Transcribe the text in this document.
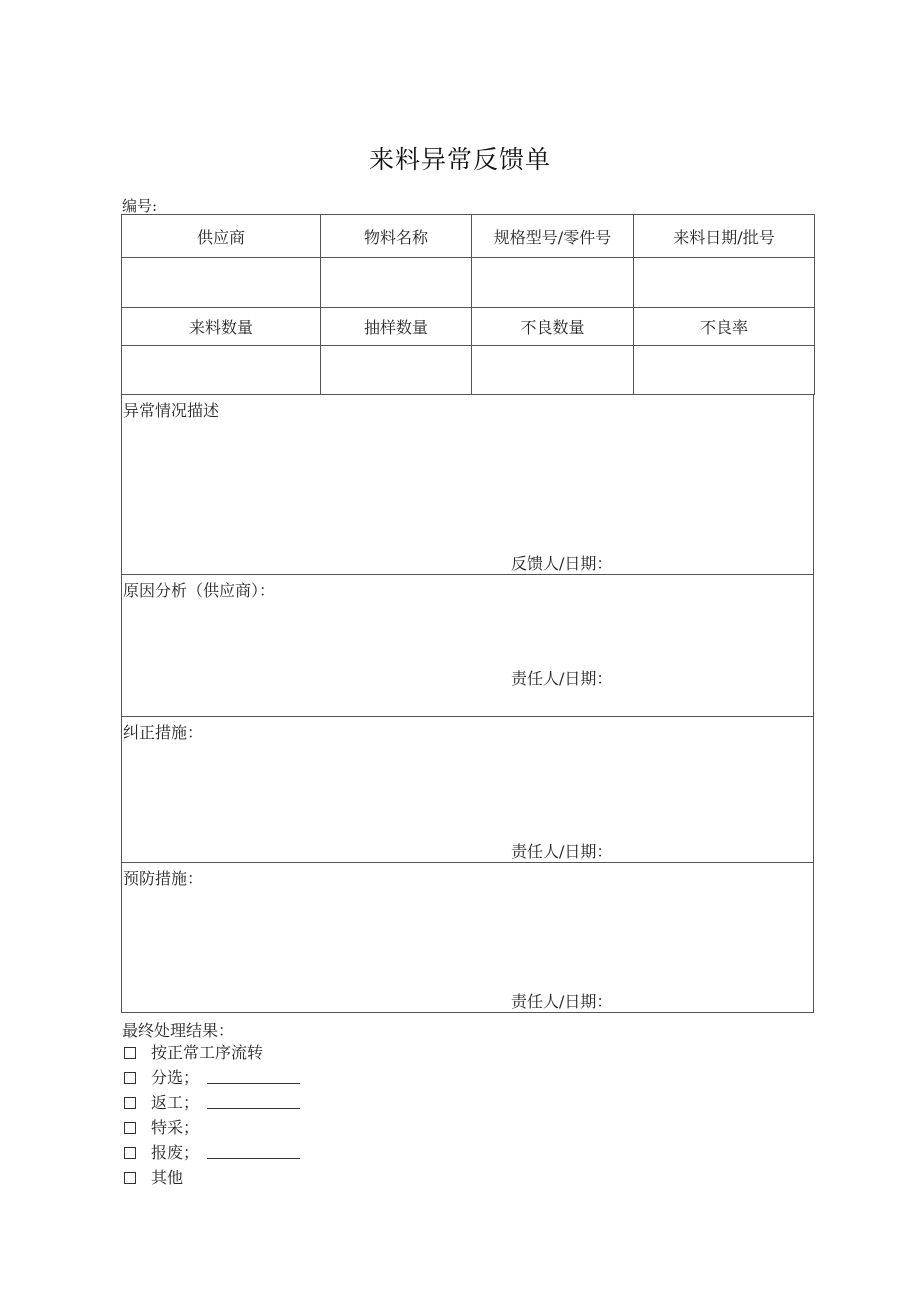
来料异常反馈单
编号:
供应商	物料名称	规格型号/零件号	来料日期/批号

来料数量	抽样数量	不良数量	不良率

异常情况描述
反馈人/日期：
原因分析（供应商）：
责任人/日期：
纠正措施：
责任人/日期：
预防措施：
责任人/日期：
最终处理结果：
按正常工序流转
分选；
返工；
特采；
报废；
其他
